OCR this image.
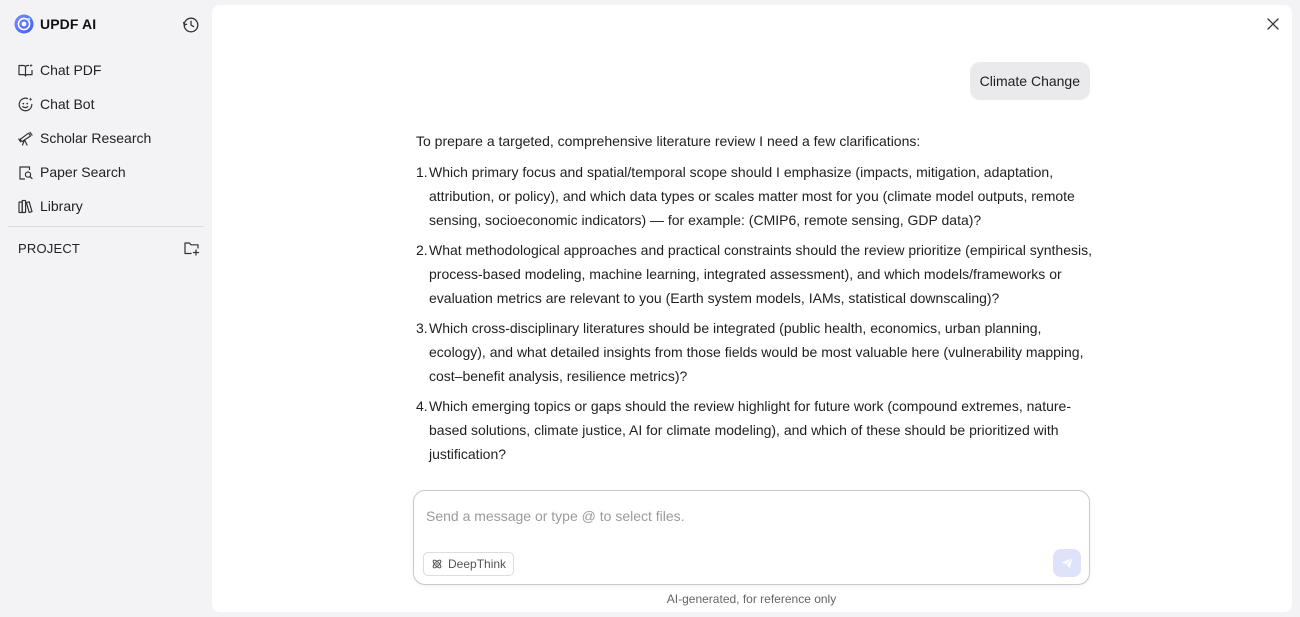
UPDF AI
Chat PDF
Chat Bot
Scholar Research
Paper Search
Library
PROJECT
Climate Change

To prepare a targeted, comprehensive literature review I need a few clarifications:

1. Which primary focus and spatial/temporal scope should I emphasize (impacts, mitigation, adaptation, attribution, or policy), and which data types or scales matter most for you (climate model outputs, remote sensing, socioeconomic indicators) — for example: (CMIP6, remote sensing, GDP data)?
2. What methodological approaches and practical constraints should the review prioritize (empirical synthesis, process-based modeling, machine learning, integrated assessment), and which models/frameworks or evaluation metrics are relevant to you (Earth system models, IAMs, statistical downscaling)?
3. Which cross-disciplinary literatures should be integrated (public health, economics, urban planning, ecology), and what detailed insights from those fields would be most valuable here (vulnerability mapping, cost–benefit analysis, resilience metrics)?
4. Which emerging topics or gaps should the review highlight for future work (compound extremes, nature-based solutions, climate justice, AI for climate modeling), and which of these should be prioritized with justification?
Send a message or type @ to select files.
DeepThink
AI-generated, for reference only
